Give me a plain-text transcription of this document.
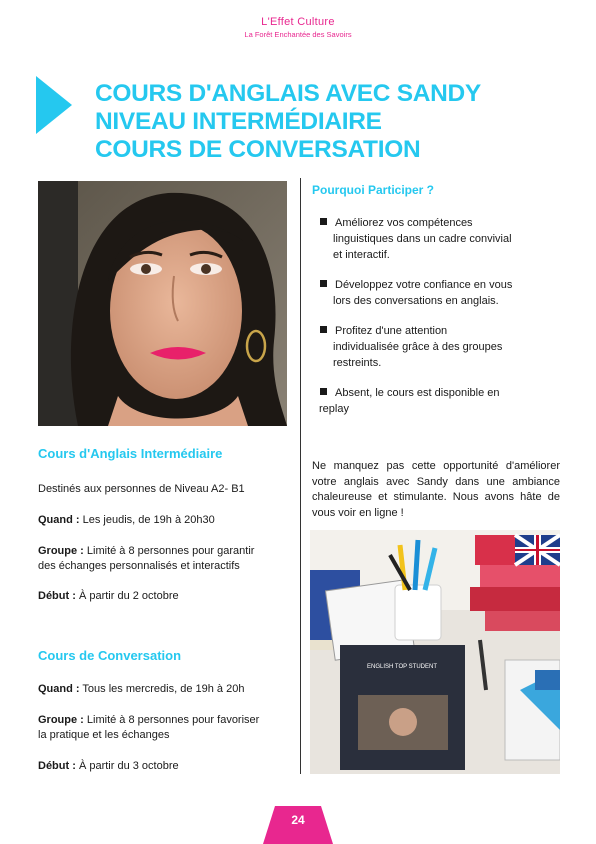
L'Effet Culture
La Forêt Enchantée des Savoirs
COURS D'ANGLAIS AVEC SANDY
NIVEAU INTERMÉDIAIRE
COURS DE CONVERSATION
Cours d'Anglais Intermédiaire
Destinés aux personnes de Niveau A2- B1
Quand : Les jeudis, de 19h à 20h30
Groupe : Limité à 8 personnes pour garantir
des échanges personnalisés et interactifs
Début : À partir du 2 octobre
Cours de Conversation
Quand : Tous les mercredis, de 19h à 20h
Groupe : Limité à 8 personnes pour favoriser
la pratique et les échanges
Début : À partir du 3 octobre
Pourquoi Participer ?
Améliorez vos compétences
linguistiques dans un cadre convivial
et interactif.
Développez votre confiance en vous
lors des conversations en anglais.
Profitez d'une attention
individualisée grâce à des groupes
restreints.
Absent, le cours est disponible en
replay
Ne manquez pas cette opportunité d'améliorer votre anglais avec Sandy dans une ambiance chaleureuse et stimulante. Nous avons hâte de vous voir en ligne !
ENGLISH TOP STUDENT
24
